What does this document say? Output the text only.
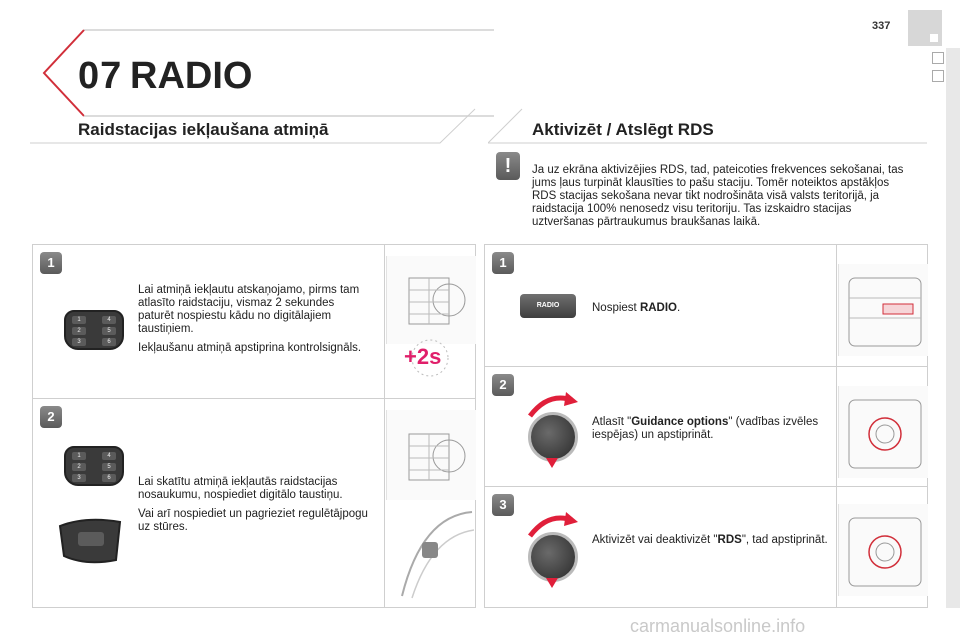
337
07 RADIO
Raidstacijas iekļaušana atmiņā
1
1	4
2	5
3	6

Lai atmiņā iekļautu atskaņojamo, pirms tam atlasīto raidstaciju, vismaz 2 sekundes paturēt nospiestu kādu no digitālajiem taustiņiem.

Iekļaušanu atmiņā apstiprina kontrolsignāls.	+2s
2
1	4
2	5
3	6	Lai skatītu atmiņā iekļautās raidstacijas nosaukumu, nospiediet digitālo taustiņu.

Vai arī nospiediet un pagrieziet regulētājpogu uz stūres.

Aktivizēt / Atslēgt RDS
!	Ja uz ekrāna aktivizējies RDS, tad, pateicoties frekvences sekošanai, tas jums ļaus turpināt klausīties to pašu staciju. Tomēr noteiktos apstākļos RDS stacijas sekošana nevar tikt nodrošināta visā valsts teritorijā, ja raidstacija 100% nenosedz visu teritoriju. Tas izskaidro stacijas uztveršanas pārtraukumus braukšanas laikā.
1
RADIO	Nospiest RADIO.
2
Atlasīt "Guidance options" (vadības izvēles iespējas) un apstiprināt.
3
Aktivizēt vai deaktivizēt "RDS", tad apstiprināt.
carmanualsonline.info
